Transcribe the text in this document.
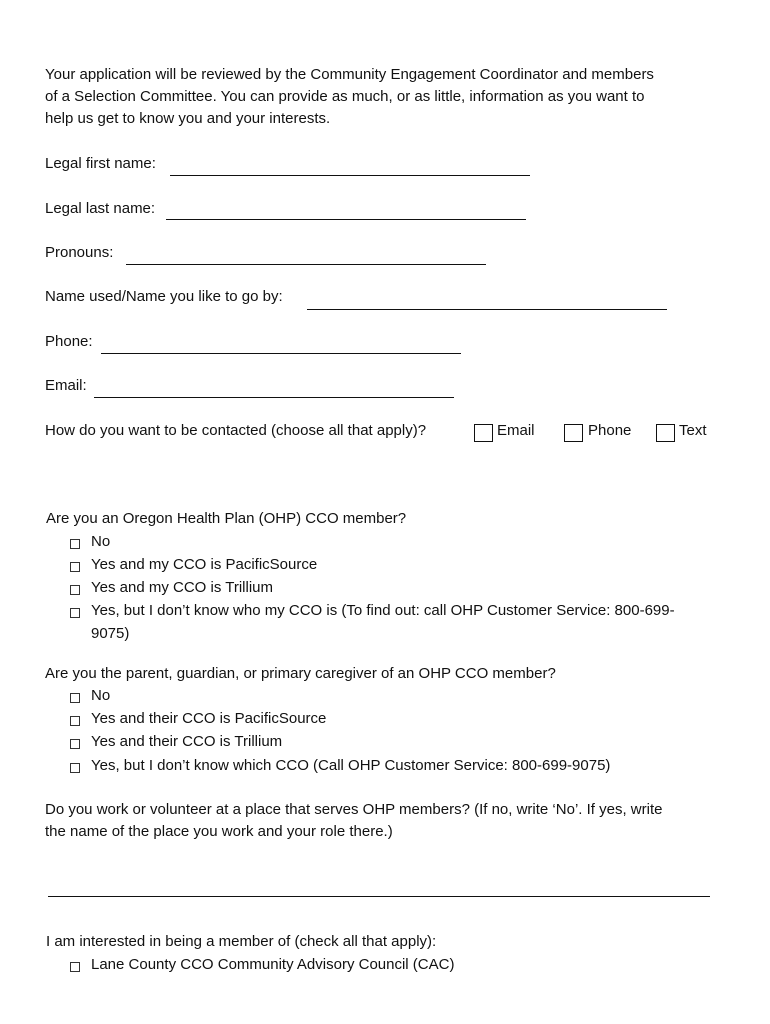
Your application will be reviewed by the Community Engagement Coordinator and members
of a Selection Committee. You can provide as much, or as little, information as you want to
help us get to know you and your interests.
Legal first name:
Legal last name:
Pronouns:
Name used/Name you like to go by:
Phone:
Email:
How do you want to be contacted (choose all that apply)?	Email	Phone	Text
Are you an Oregon Health Plan (OHP) CCO member?
No
Yes and my CCO is PacificSource
Yes and my CCO is Trillium
Yes, but I don’t know who my CCO is (To find out: call OHP Customer Service: 800-699-
9075)
Are you the parent, guardian, or primary caregiver of an OHP CCO member?
No
Yes and their CCO is PacificSource
Yes and their CCO is Trillium
Yes, but I don’t know which CCO (Call OHP Customer Service: 800-699-9075)
Do you work or volunteer at a place that serves OHP members? (If no, write ‘No’. If yes, write
the name of the place you work and your role there.)
I am interested in being a member of (check all that apply):
Lane County CCO Community Advisory Council (CAC)
